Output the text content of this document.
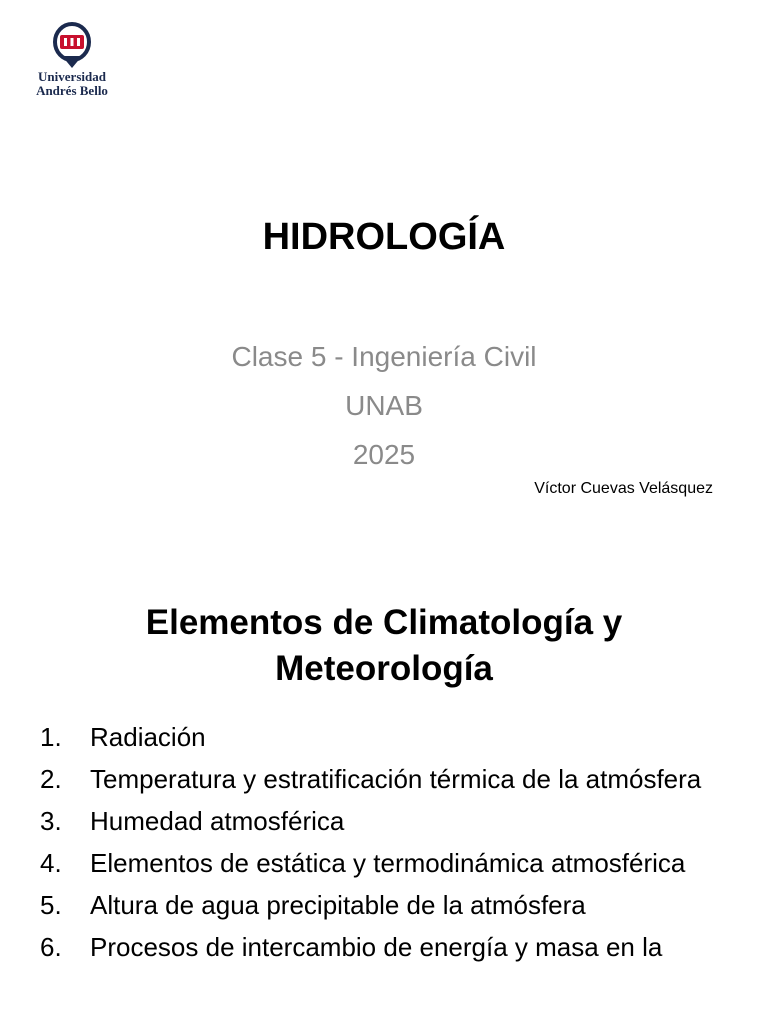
Universidad
Andrés Bello
HIDROLOGÍA
Clase 5 - Ingeniería Civil
UNAB
2025
Víctor Cuevas Velásquez
Elementos de Climatología y
Meteorología
1.	Radiación
2.	Temperatura y estratificación térmica de la atmósfera
3.	Humedad atmosférica
4.	Elementos de estática y termodinámica atmosférica
5.	Altura de agua precipitable de la atmósfera
6.	Procesos de intercambio de energía y masa en la
